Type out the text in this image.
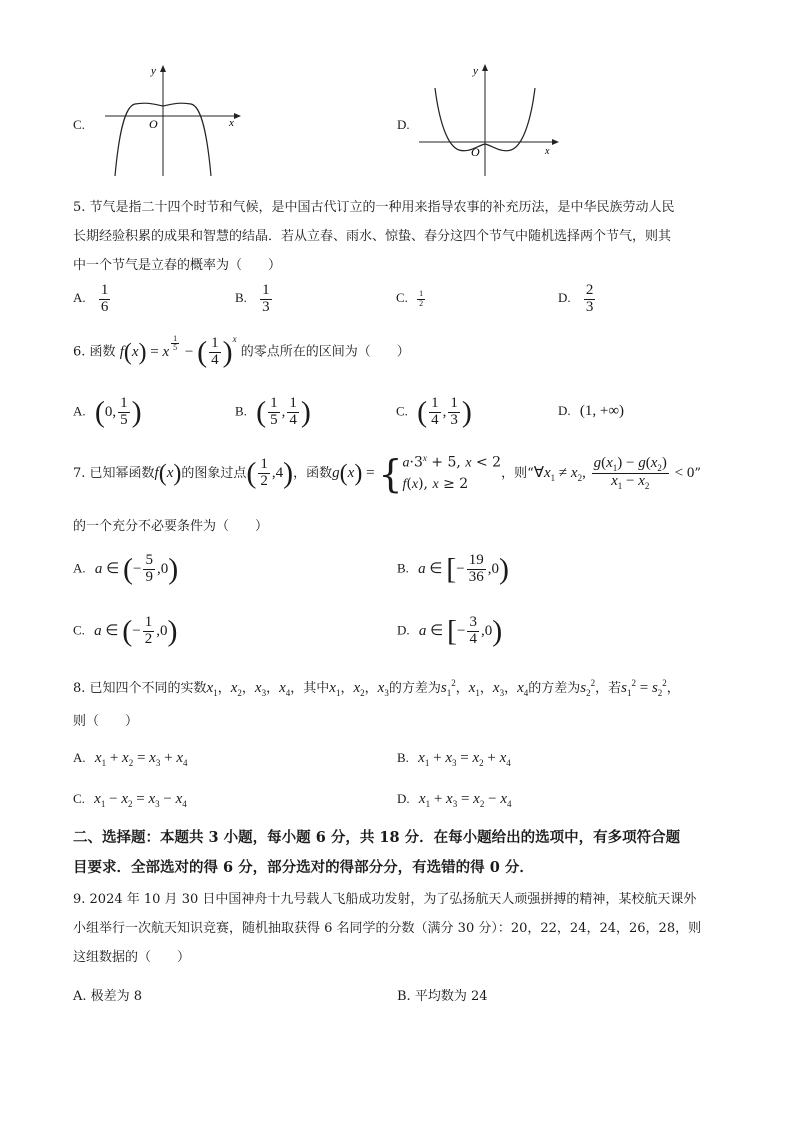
C.
y
x
O	D.
y
x
O
5. 节气是指二十四个时节和气候，是中国古代订立的一种用来指导农事的补充历法，是中华民族劳动人民
长期经验积累的成果和智慧的结晶．若从立春、雨水、惊蛰、春分这四个节气中随机选择两个节气，则其
中一个节气是立春的概率为（　　）
A. $\frac{1}{6}$	B. $\frac{1}{3}$	C. $\frac{1}{2}$	D. $\frac{2}{3}$
6. 函数 f(x) = x $^{\frac{1}{5}}$ − ( $\frac{1}{4} )^x$ 的零点所在的区间为（　　）
A. (0, $\frac{1}{5}$ )	B. ( $\frac{1}{5}$ , $\frac{1}{4}$ )	C. ( $\frac{1}{4}$ , $\frac{1}{3}$ )	D. (1, +∞)
7. 已知幂函数f(x)的图象过点( $\frac{1}{2} ,4$)，函数$g(x) = \{a\cdot 3^x + 5$, x < 2
f(x), x ≥ 2，则“$\forall x_1 \ne x_2$, $\frac{g(x_1) - g(x_2)}{x_1 - x_2} < 0$”
的一个充分不必要条件为（　　）
A. a ∈ (− $\frac{5}{9} ,0$)	B. a ∈ [− $\frac{19}{36} ,0$)
C. a ∈ (− $\frac{1}{2} ,0$)	D. a ∈ [− $\frac{3}{4} ,0$)
8. 已知四个不同的实数$x_1$，$x_2$，$x_3$，$x_4$，其中$x_1$，$x_2$，$x_3$的方差为$s_1^2$，$x_1$，$x_3$，$x_4$的方差为$s_2^2$，若$s_1^2 = s_2^2$，
则（　　）
A. $x_1 + x_2 = x_3 + x_4$	B. $x_1 + x_3 = x_2 + x_4$
C. $x_1 - x_2 = x_3 - x_4$	D. $x_1 + x_3 = x_2 - x_4$
二、选择题：本题共 3 小题，每小题 6 分，共 18 分．在每小题给出的选项中，有多项符合题
目要求．全部选对的得 6 分，部分选对的得部分分，有选错的得 0 分．
9. 2024 年 10 月 30 日中国神舟十九号载人飞船成功发射，为了弘扬航天人顽强拼搏的精神，某校航天课外
小组举行一次航天知识竞赛，随机抽取获得 6 名同学的分数（满分 30 分）：20，22，24，24，26，28，则
这组数据的（　　）
A. 极差为 8	B. 平均数为 24
